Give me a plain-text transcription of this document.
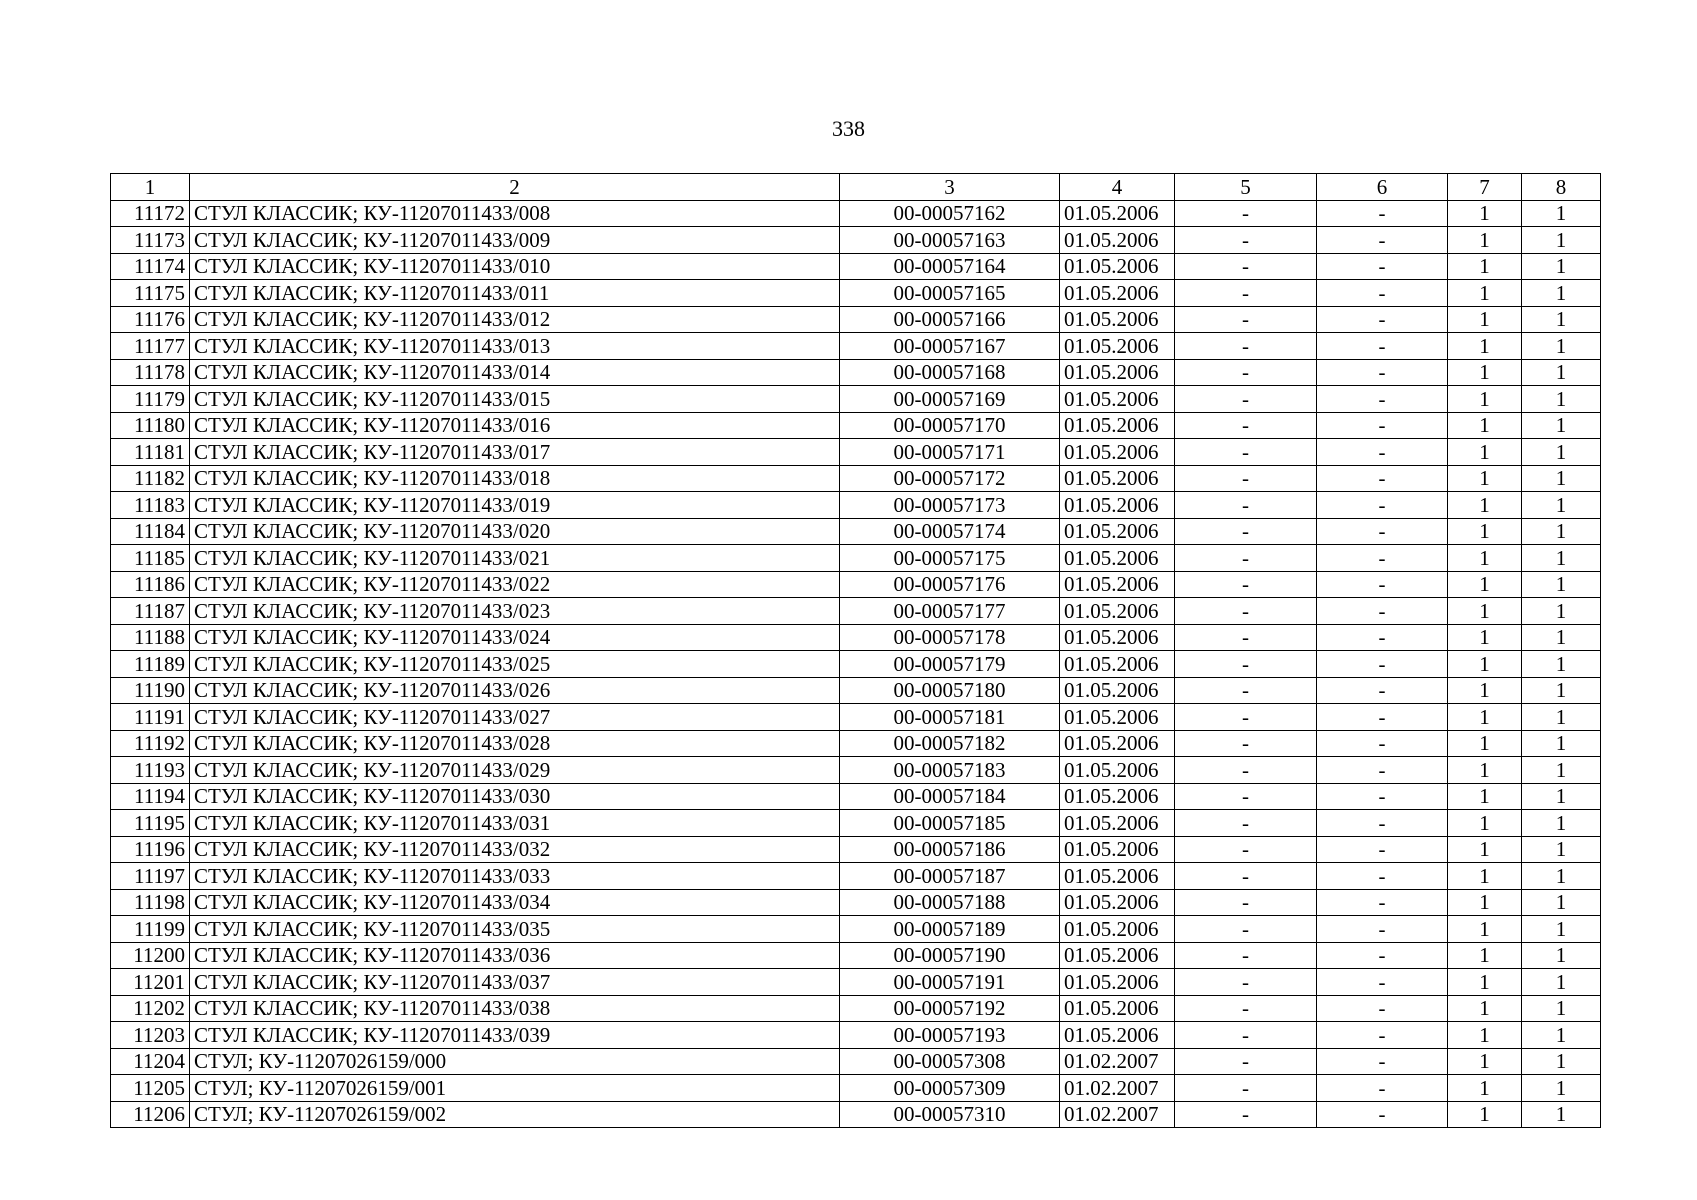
338
1	2	3	4	5	6	7	8
11172	СТУЛ КЛАССИК; КУ-11207011433/008	00-00057162	01.05.2006	-	-	1	1
11173	СТУЛ КЛАССИК; КУ-11207011433/009	00-00057163	01.05.2006	-	-	1	1
11174	СТУЛ КЛАССИК; КУ-11207011433/010	00-00057164	01.05.2006	-	-	1	1
11175	СТУЛ КЛАССИК; КУ-11207011433/011	00-00057165	01.05.2006	-	-	1	1
11176	СТУЛ КЛАССИК; КУ-11207011433/012	00-00057166	01.05.2006	-	-	1	1
11177	СТУЛ КЛАССИК; КУ-11207011433/013	00-00057167	01.05.2006	-	-	1	1
11178	СТУЛ КЛАССИК; КУ-11207011433/014	00-00057168	01.05.2006	-	-	1	1
11179	СТУЛ КЛАССИК; КУ-11207011433/015	00-00057169	01.05.2006	-	-	1	1
11180	СТУЛ КЛАССИК; КУ-11207011433/016	00-00057170	01.05.2006	-	-	1	1
11181	СТУЛ КЛАССИК; КУ-11207011433/017	00-00057171	01.05.2006	-	-	1	1
11182	СТУЛ КЛАССИК; КУ-11207011433/018	00-00057172	01.05.2006	-	-	1	1
11183	СТУЛ КЛАССИК; КУ-11207011433/019	00-00057173	01.05.2006	-	-	1	1
11184	СТУЛ КЛАССИК; КУ-11207011433/020	00-00057174	01.05.2006	-	-	1	1
11185	СТУЛ КЛАССИК; КУ-11207011433/021	00-00057175	01.05.2006	-	-	1	1
11186	СТУЛ КЛАССИК; КУ-11207011433/022	00-00057176	01.05.2006	-	-	1	1
11187	СТУЛ КЛАССИК; КУ-11207011433/023	00-00057177	01.05.2006	-	-	1	1
11188	СТУЛ КЛАССИК; КУ-11207011433/024	00-00057178	01.05.2006	-	-	1	1
11189	СТУЛ КЛАССИК; КУ-11207011433/025	00-00057179	01.05.2006	-	-	1	1
11190	СТУЛ КЛАССИК; КУ-11207011433/026	00-00057180	01.05.2006	-	-	1	1
11191	СТУЛ КЛАССИК; КУ-11207011433/027	00-00057181	01.05.2006	-	-	1	1
11192	СТУЛ КЛАССИК; КУ-11207011433/028	00-00057182	01.05.2006	-	-	1	1
11193	СТУЛ КЛАССИК; КУ-11207011433/029	00-00057183	01.05.2006	-	-	1	1
11194	СТУЛ КЛАССИК; КУ-11207011433/030	00-00057184	01.05.2006	-	-	1	1
11195	СТУЛ КЛАССИК; КУ-11207011433/031	00-00057185	01.05.2006	-	-	1	1
11196	СТУЛ КЛАССИК; КУ-11207011433/032	00-00057186	01.05.2006	-	-	1	1
11197	СТУЛ КЛАССИК; КУ-11207011433/033	00-00057187	01.05.2006	-	-	1	1
11198	СТУЛ КЛАССИК; КУ-11207011433/034	00-00057188	01.05.2006	-	-	1	1
11199	СТУЛ КЛАССИК; КУ-11207011433/035	00-00057189	01.05.2006	-	-	1	1
11200	СТУЛ КЛАССИК; КУ-11207011433/036	00-00057190	01.05.2006	-	-	1	1
11201	СТУЛ КЛАССИК; КУ-11207011433/037	00-00057191	01.05.2006	-	-	1	1
11202	СТУЛ КЛАССИК; КУ-11207011433/038	00-00057192	01.05.2006	-	-	1	1
11203	СТУЛ КЛАССИК; КУ-11207011433/039	00-00057193	01.05.2006	-	-	1	1
11204	СТУЛ; КУ-11207026159/000	00-00057308	01.02.2007	-	-	1	1
11205	СТУЛ; КУ-11207026159/001	00-00057309	01.02.2007	-	-	1	1
11206	СТУЛ; КУ-11207026159/002	00-00057310	01.02.2007	-	-	1	1
